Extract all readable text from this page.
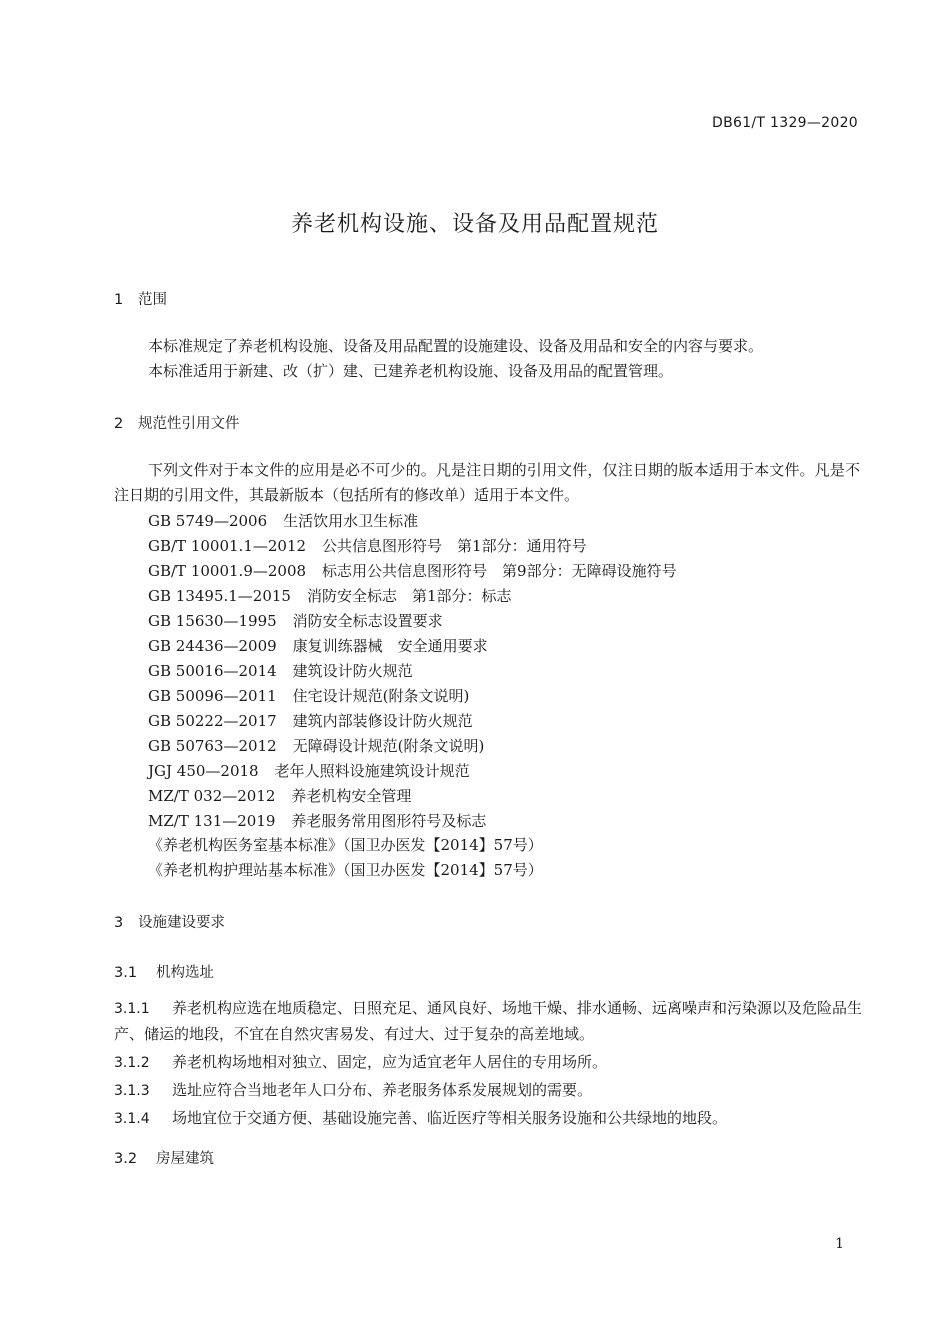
DB61/T 1329—2020
养老机构设施、设备及用品配置规范
1 范围
本标准规定了养老机构设施、设备及用品配置的设施建设、设备及用品和安全的内容与要求。
本标准适用于新建、改（扩）建、已建养老机构设施、设备及用品的配置管理。
2 规范性引用文件
下列文件对于本文件的应用是必不可少的。凡是注日期的引用文件，仅注日期的版本适用于本文件。凡是不注日期的引用文件，其最新版本（包括所有的修改单）适用于本文件。
GB 5749—2006 生活饮用水卫生标准
GB/T 10001.1—2012 公共信息图形符号　第1部分：通用符号
GB/T 10001.9—2008 标志用公共信息图形符号　第9部分：无障碍设施符号
GB 13495.1—2015 消防安全标志　第1部分：标志
GB 15630—1995 消防安全标志设置要求
GB 24436—2009 康复训练器械　安全通用要求
GB 50016—2014 建筑设计防火规范
GB 50096—2011 住宅设计规范(附条文说明)
GB 50222—2017 建筑内部装修设计防火规范
GB 50763—2012 无障碍设计规范(附条文说明)
JGJ 450—2018 老年人照料设施建筑设计规范
MZ/T 032—2012 养老机构安全管理
MZ/T 131—2019 养老服务常用图形符号及标志
《养老机构医务室基本标准》（国卫办医发【2014】57号）
《养老机构护理站基本标准》（国卫办医发【2014】57号）
3 设施建设要求
3.1 机构选址
3.1.1 养老机构应选在地质稳定、日照充足、通风良好、场地干燥、排水通畅、远离噪声和污染源以及危险品生产、储运的地段，不宜在自然灾害易发、有过大、过于复杂的高差地域。
3.1.2 养老机构场地相对独立、固定，应为适宜老年人居住的专用场所。
3.1.3 选址应符合当地老年人口分布、养老服务体系发展规划的需要。
3.1.4 场地宜位于交通方便、基础设施完善、临近医疗等相关服务设施和公共绿地的地段。
3.2 房屋建筑
1
